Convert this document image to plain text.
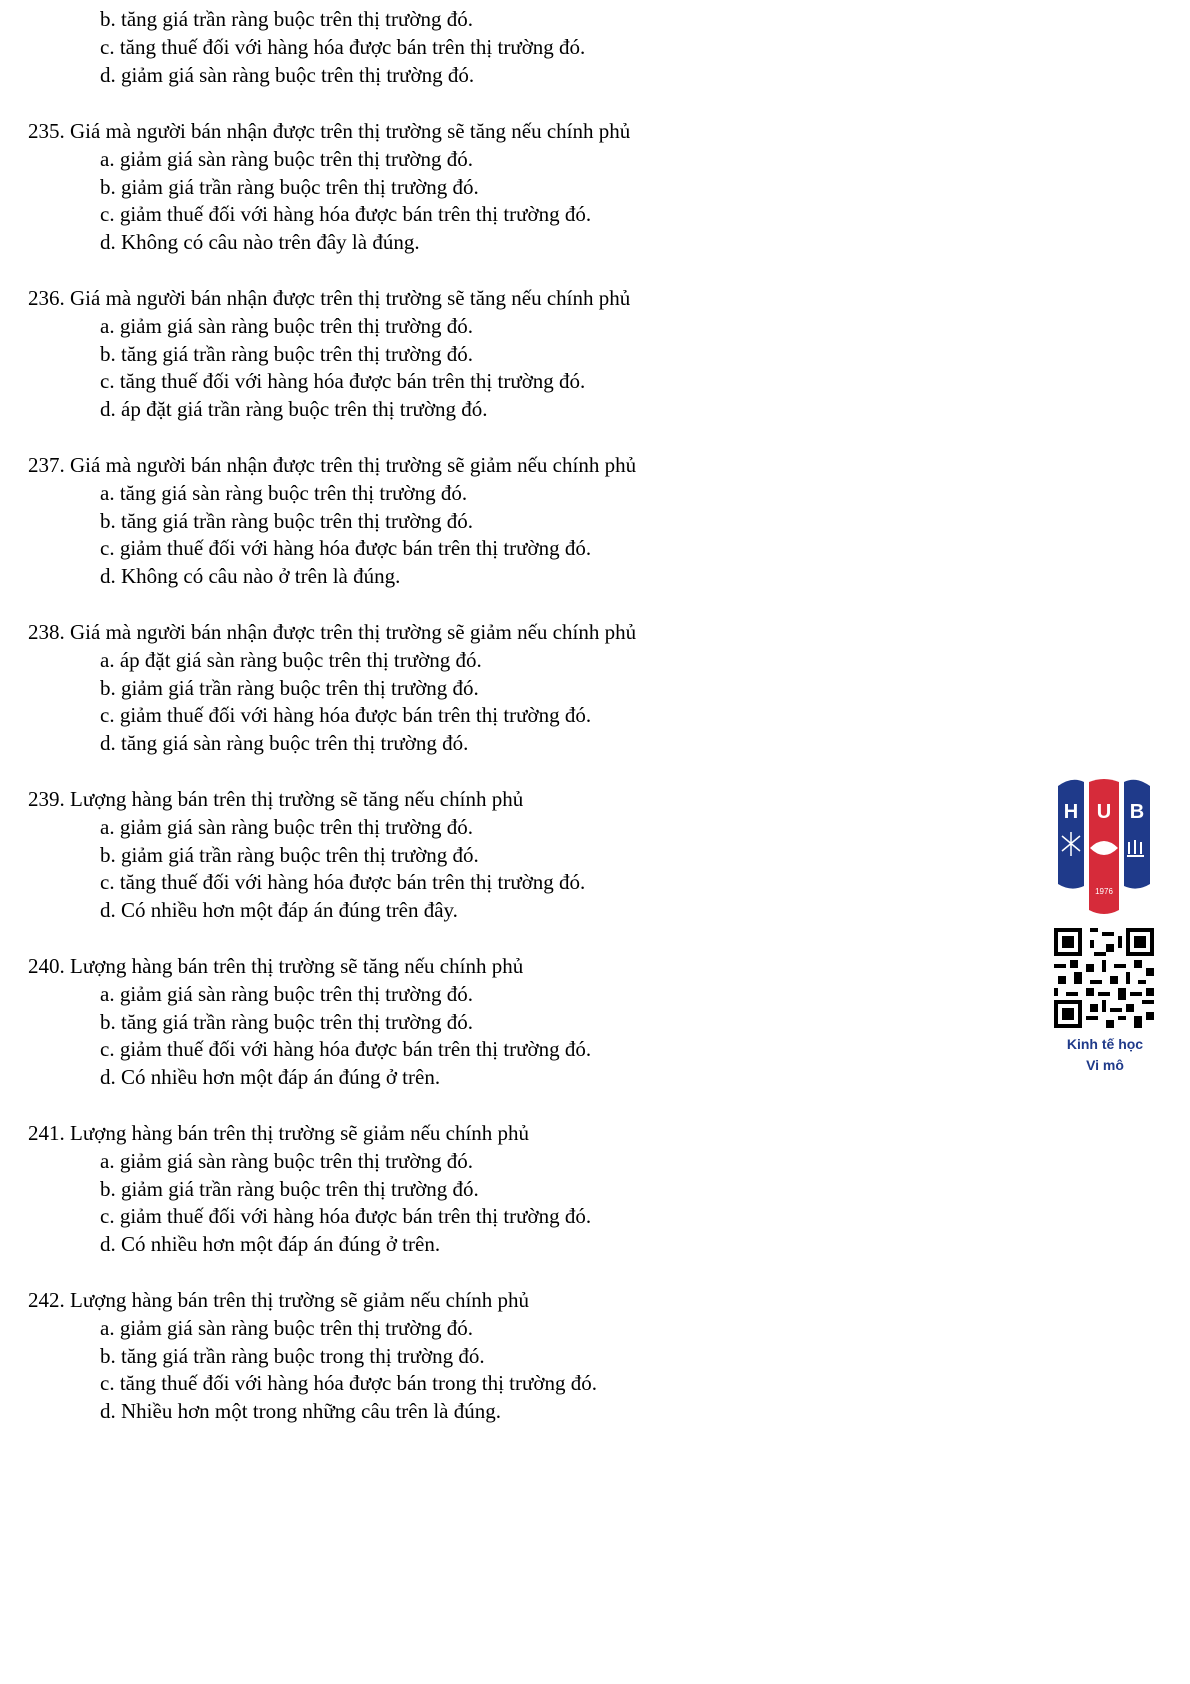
b. tăng giá trần ràng buộc trên thị trường đó.
c. tăng thuế đối với hàng hóa được bán trên thị trường đó.
d. giảm giá sàn ràng buộc trên thị trường đó.
235. Giá mà người bán nhận được trên thị trường sẽ tăng nếu chính phủ
a. giảm giá sàn ràng buộc trên thị trường đó.
b. giảm giá trần ràng buộc trên thị trường đó.
c. giảm thuế đối với hàng hóa được bán trên thị trường đó.
d. Không có câu nào trên đây là đúng.
236. Giá mà người bán nhận được trên thị trường sẽ tăng nếu chính phủ
a. giảm giá sàn ràng buộc trên thị trường đó.
b. tăng giá trần ràng buộc trên thị trường đó.
c. tăng thuế đối với hàng hóa được bán trên thị trường đó.
d. áp đặt giá trần ràng buộc trên thị trường đó.
237. Giá mà người bán nhận được trên thị trường sẽ giảm nếu chính phủ
a. tăng giá sàn ràng buộc trên thị trường đó.
b. tăng giá trần ràng buộc trên thị trường đó.
c. giảm thuế đối với hàng hóa được bán trên thị trường đó.
d. Không có câu nào ở trên là đúng.
238. Giá mà người bán nhận được trên thị trường sẽ giảm nếu chính phủ
a. áp đặt giá sàn ràng buộc trên thị trường đó.
b. giảm giá trần ràng buộc trên thị trường đó.
c. giảm thuế đối với hàng hóa được bán trên thị trường đó.
d. tăng giá sàn ràng buộc trên thị trường đó.
239. Lượng hàng bán trên thị trường sẽ tăng nếu chính phủ
a. giảm giá sàn ràng buộc trên thị trường đó.
b. giảm giá trần ràng buộc trên thị trường đó.
c. tăng thuế đối với hàng hóa được bán trên thị trường đó.
d. Có nhiều hơn một đáp án đúng trên đây.
240. Lượng hàng bán trên thị trường sẽ tăng nếu chính phủ
a. giảm giá sàn ràng buộc trên thị trường đó.
b. tăng giá trần ràng buộc trên thị trường đó.
c. giảm thuế đối với hàng hóa được bán trên thị trường đó.
d. Có nhiều hơn một đáp án đúng ở trên.
241. Lượng hàng bán trên thị trường sẽ giảm nếu chính phủ
a. giảm giá sàn ràng buộc trên thị trường đó.
b. giảm giá trần ràng buộc trên thị trường đó.
c. giảm thuế đối với hàng hóa được bán trên thị trường đó.
d. Có nhiều hơn một đáp án đúng ở trên.
242. Lượng hàng bán trên thị trường sẽ giảm nếu chính phủ
a. giảm giá sàn ràng buộc trên thị trường đó.
b. tăng giá trần ràng buộc trong thị trường đó.
c. tăng thuế đối với hàng hóa được bán trong thị trường đó.
d. Nhiều hơn một trong những câu trên là đúng.
H U B
1976
Kinh tế học
Vi mô
